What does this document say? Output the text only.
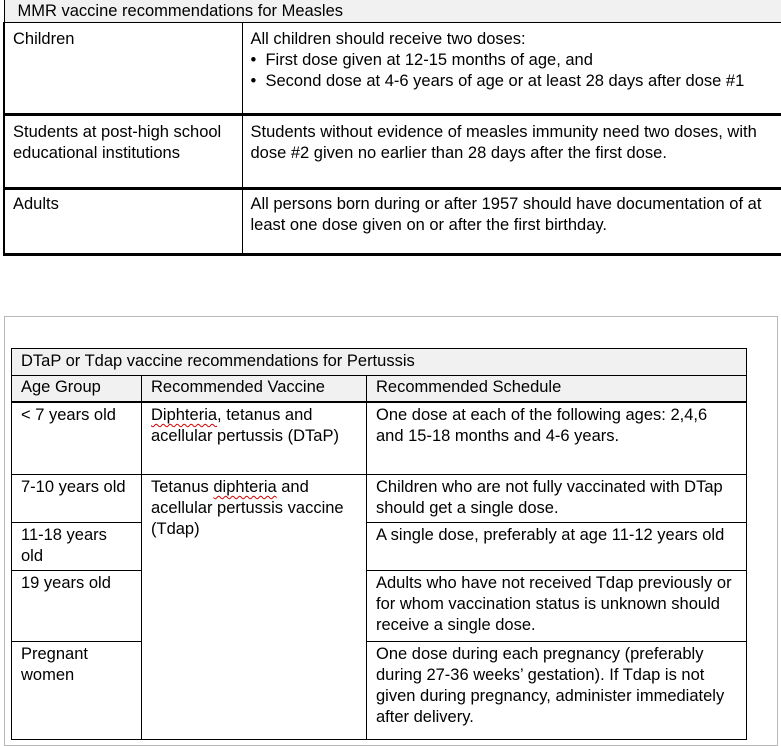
MMR vaccine recommendations for Measles	
Children	All children should receive two doses:
•  First dose given at 12-15 months of age, and
•  Second dose at 4-6 years of age or at least 28 days after dose #1

Students at post-high school educational institutions	Students without evidence of measles immunity need two doses, with dose #2 given no earlier than 28 days after the first dose.
Adults	All persons born during or after 1957 should have documentation of at least one dose given on or after the first birthday.
DTaP or Tdap vaccine recommendations for Pertussis		
Age Group	Recommended Vaccine	Recommended Schedule
< 7 years old	Diphteria, tetanus and acellular pertussis (DTaP)	One dose at each of the following ages: 2,4,6 and 15-18 months and 4-6 years.
7-10 years old	Tetanus diphteria and acellular pertussis vaccine (Tdap)	Children who are not fully vaccinated with DTap should get a single dose.
11-18 years old		A single dose, preferably at age 11-12 years old
19 years old		Adults who have not received Tdap previously or for whom vaccination status is unknown should receive a single dose.
Pregnant women		One dose during each pregnancy (preferably during 27-36 weeks’ gestation). If Tdap is not given during pregnancy, administer immediately after delivery.
